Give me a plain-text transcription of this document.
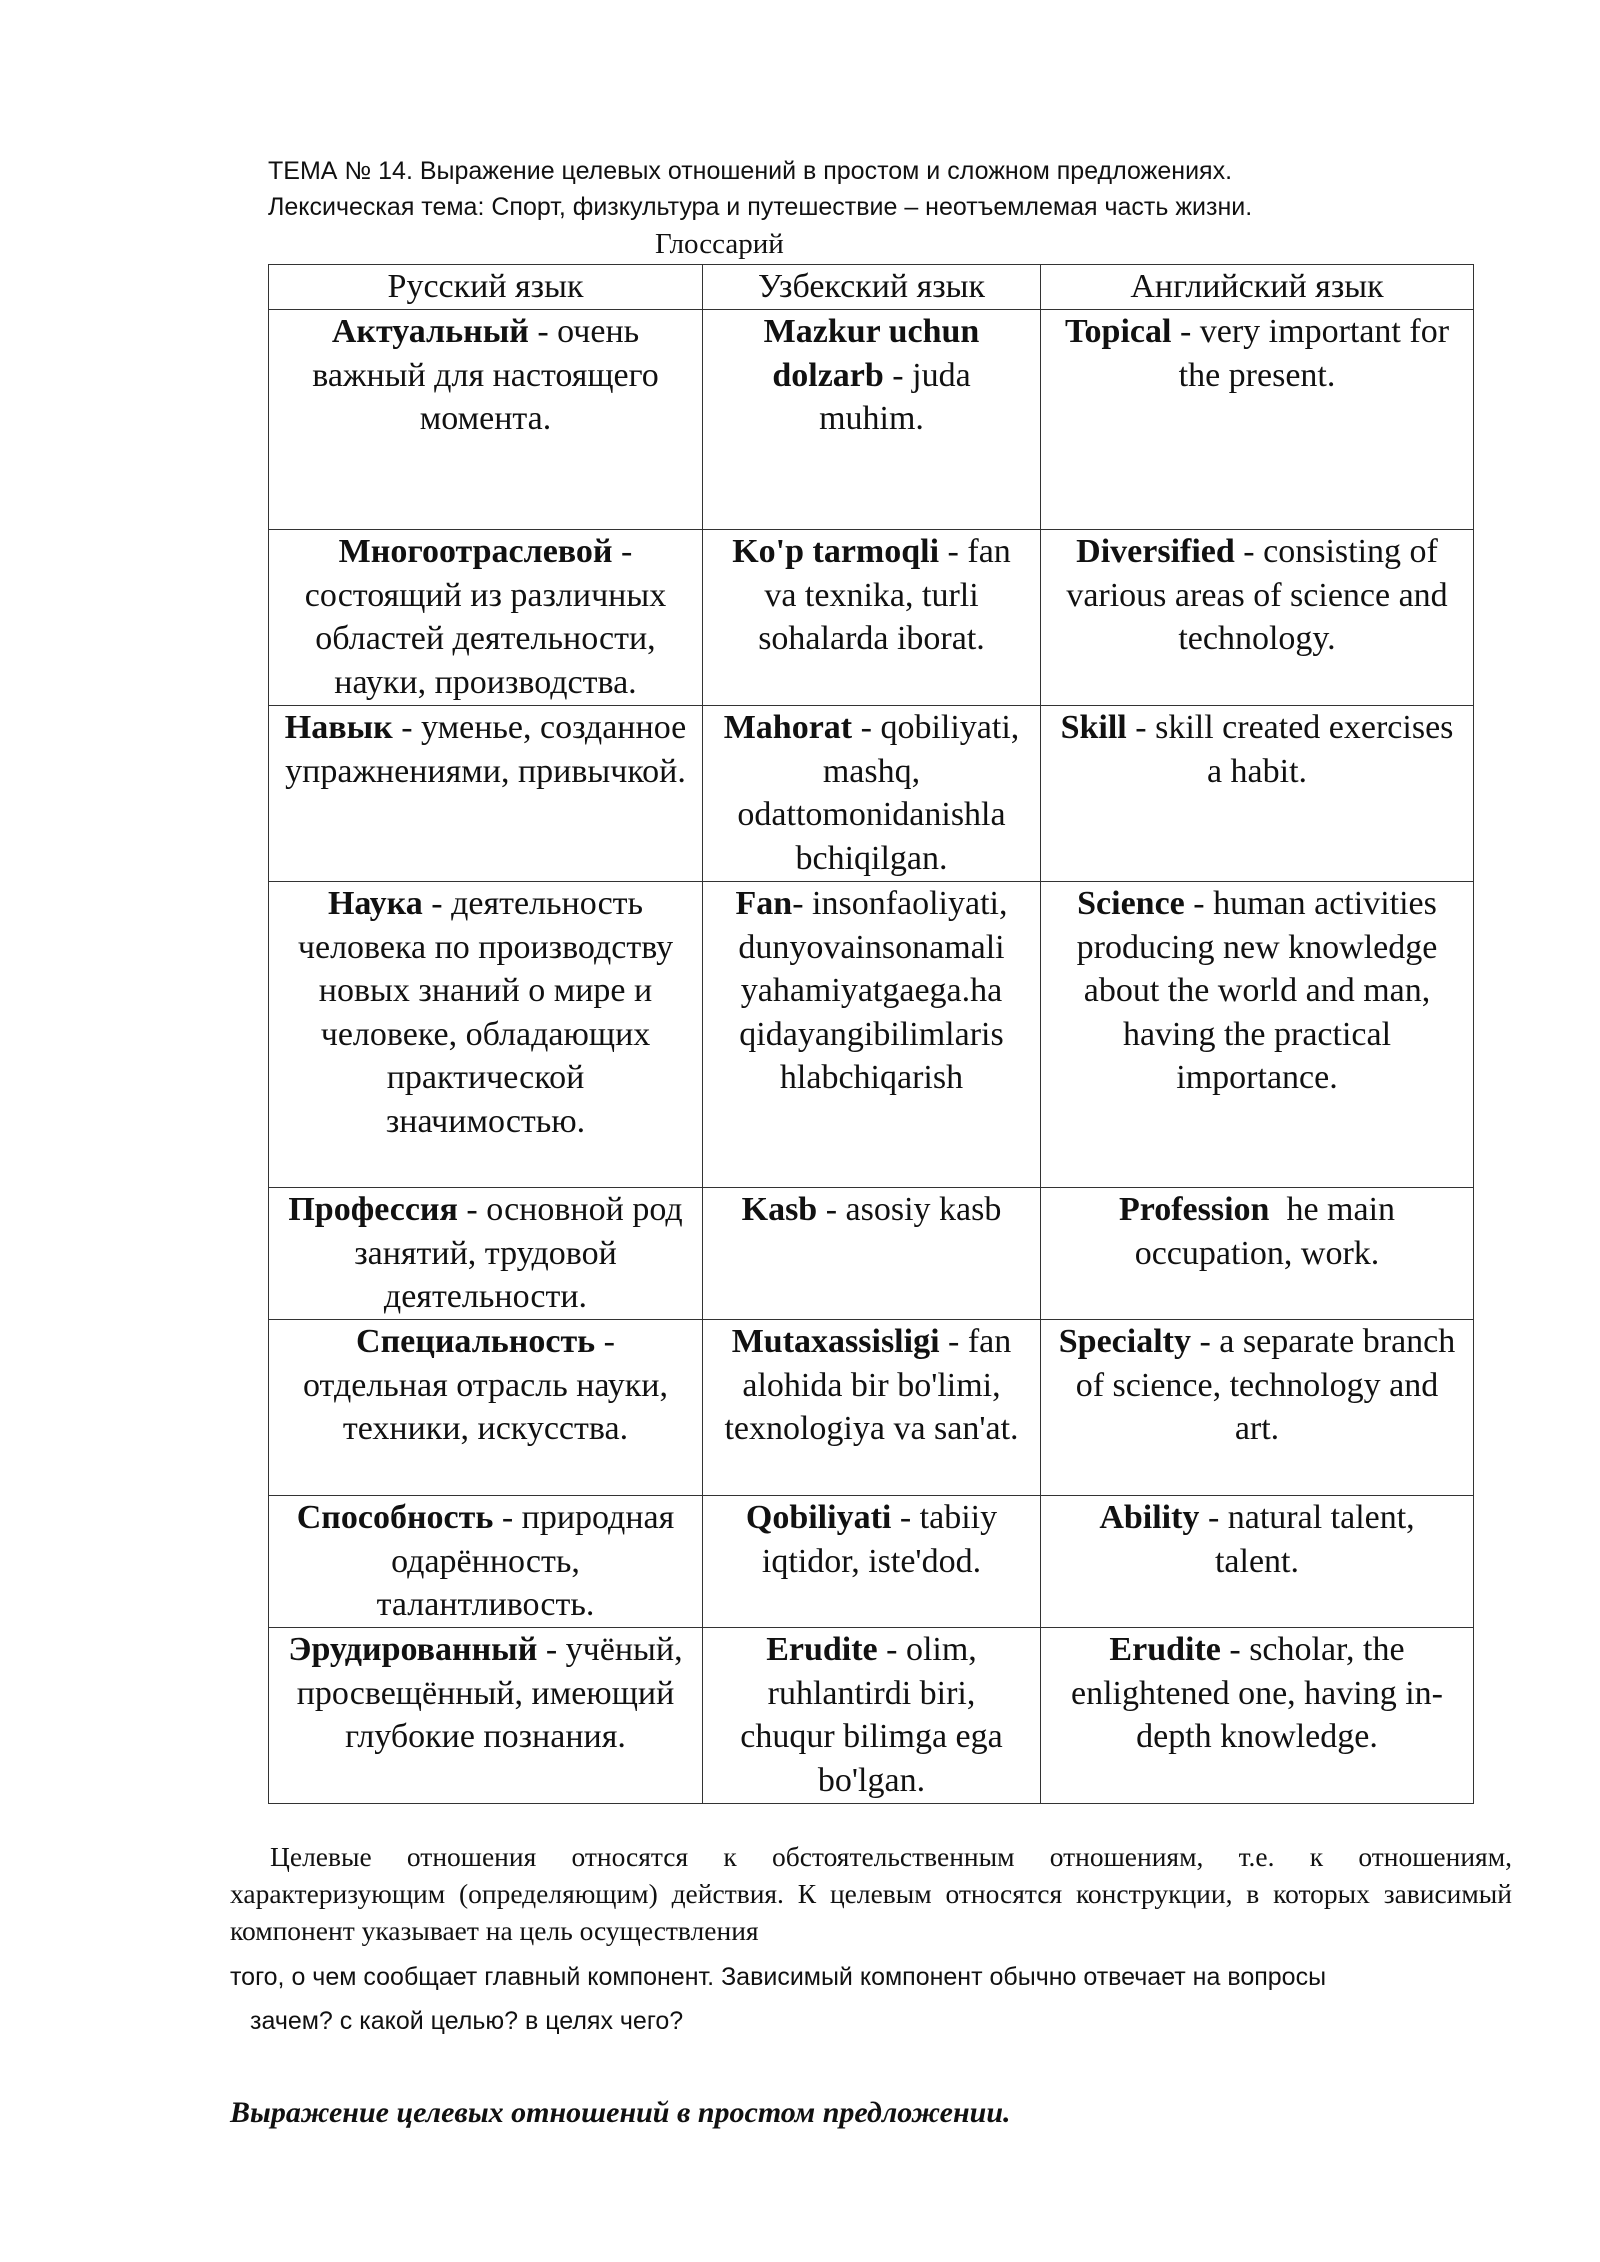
ТЕМА № 14. Выражение целевых отношений в простом и сложном предложениях.
Лексическая тема: Спорт, физкультура и путешествие – неотъемлемая часть жизни.
Глоссарий
Русский язык	Узбекский язык	Английский язык
Актуальный - очень важный для настоящего момента.	Mazkur uchun dolzarb - juda muhim.	Topical - very important for the present.
Многоотраслевой - состоящий из различных областей деятельности, науки, производства.	Ko'p tarmoqli - fan va texnika, turli sohalarda iborat.	Diversified - consisting of various areas of science and technology.
Навык - уменье, созданное упражнениями, привычкой.	Mahorat - qobiliyati, mashq, odattomonidanishla bchiqilgan.	Skill - skill created exercises a habit.
Наука - деятельность человека по производству новых знаний о мире и человеке, обладающих практической значимостью.	Fan- insonfaoliyati, dunyovainsonamali yahamiyatgaega.ha qidayangibilimlaris hlabchiqarish	Science - human activities producing new knowledge about the world and man, having the practical importance.
Профессия - основной род занятий, трудовой деятельности.	Kasb - asosiy kasb	Profession  he main occupation, work.
Специальность - отдельная отрасль науки, техники, искусства.	Mutaxassisligi - fan alohida bir bo'limi, texnologiya va san'at.	Specialty - a separate branch of science, technology and art.
Способность - природная одарённость, талантливость.	Qobiliyati - tabiiy iqtidor, iste'dod.	Ability - natural talent, talent.
Эрудированный - учёный, просвещённый, имеющий глубокие познания.	Erudite - olim, ruhlantirdi biri, chuqur bilimga ega bo'lgan.	Erudite - scholar, the enlightened one, having in-depth knowledge.
Целевые отношения относятся к обстоятельственным отношениям, т.е. к отношениям,
характеризующим (определяющим) действия. К целевым относятся конструкции, в которых зависимый компонент указывает на цель осуществления
того, о чем сообщает главный компонент. Зависимый компонент обычно отвечает на вопросы
зачем? с какой целью? в целях чего?
Выражение целевых отношений в простом предложении.
